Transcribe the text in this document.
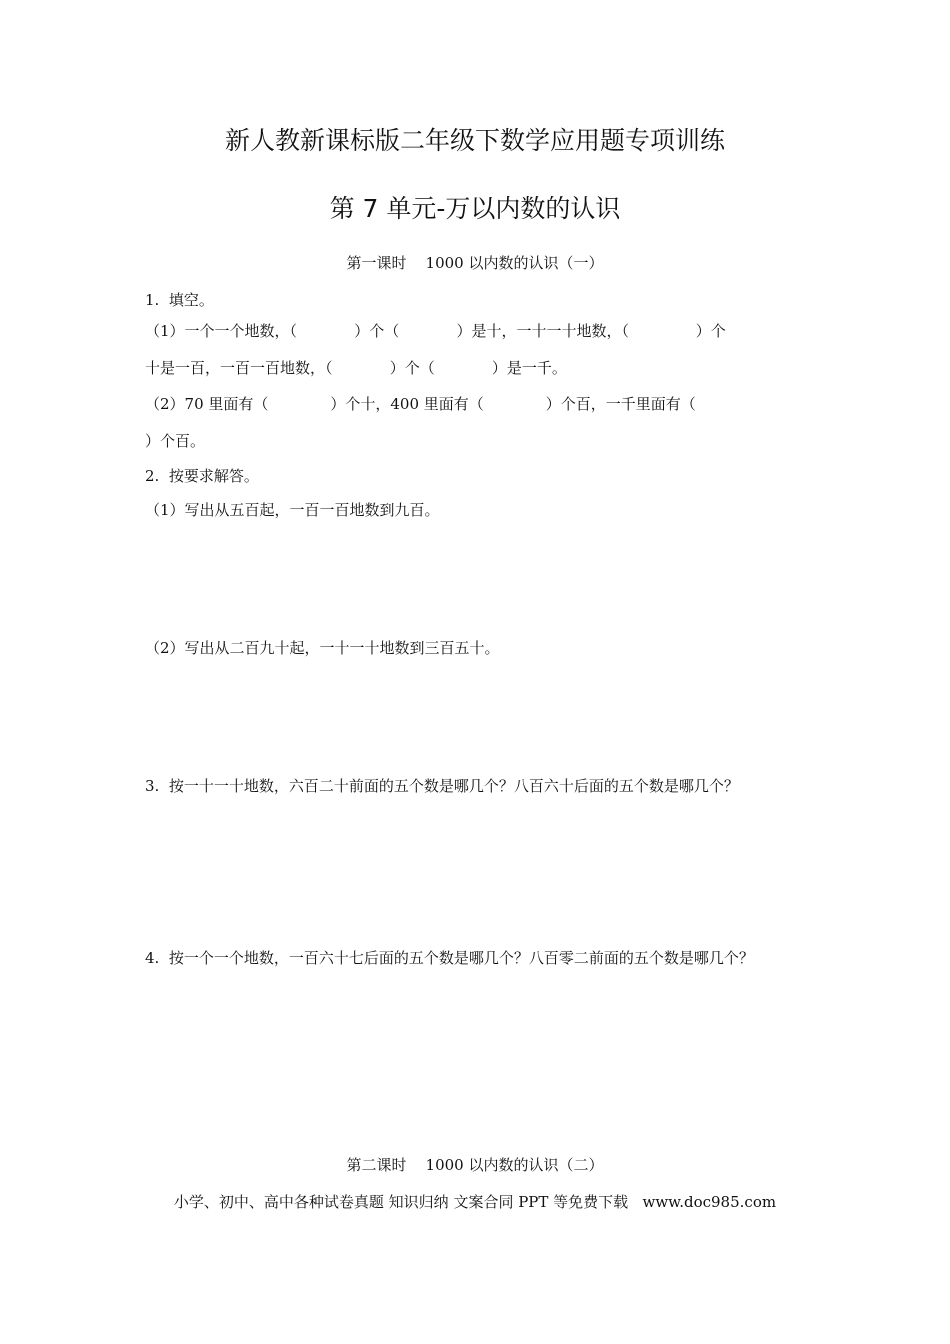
新人教新课标版二年级下数学应用题专项训练
第 7 单元-万以内数的认识
第一课时    1000 以内数的认识（一）
1.  填空。
（1）一个一个地数，（            ）个（            ）是十，一十一十地数，（              ）个
十是一百，一百一百地数，（            ）个（            ）是一千。
（2）70 里面有（             ）个十，400 里面有（             ）个百，一千里面有（
）个百。
2.  按要求解答。
（1）写出从五百起，一百一百地数到九百。
（2）写出从二百九十起，一十一十地数到三百五十。
3.  按一十一十地数，六百二十前面的五个数是哪几个？八百六十后面的五个数是哪几个？
4.  按一个一个地数，一百六十七后面的五个数是哪几个？八百零二前面的五个数是哪几个？
第二课时    1000 以内数的认识（二）
小学、初中、高中各种试卷真题 知识归纳 文案合同 PPT 等免费下载   www.doc985.com
